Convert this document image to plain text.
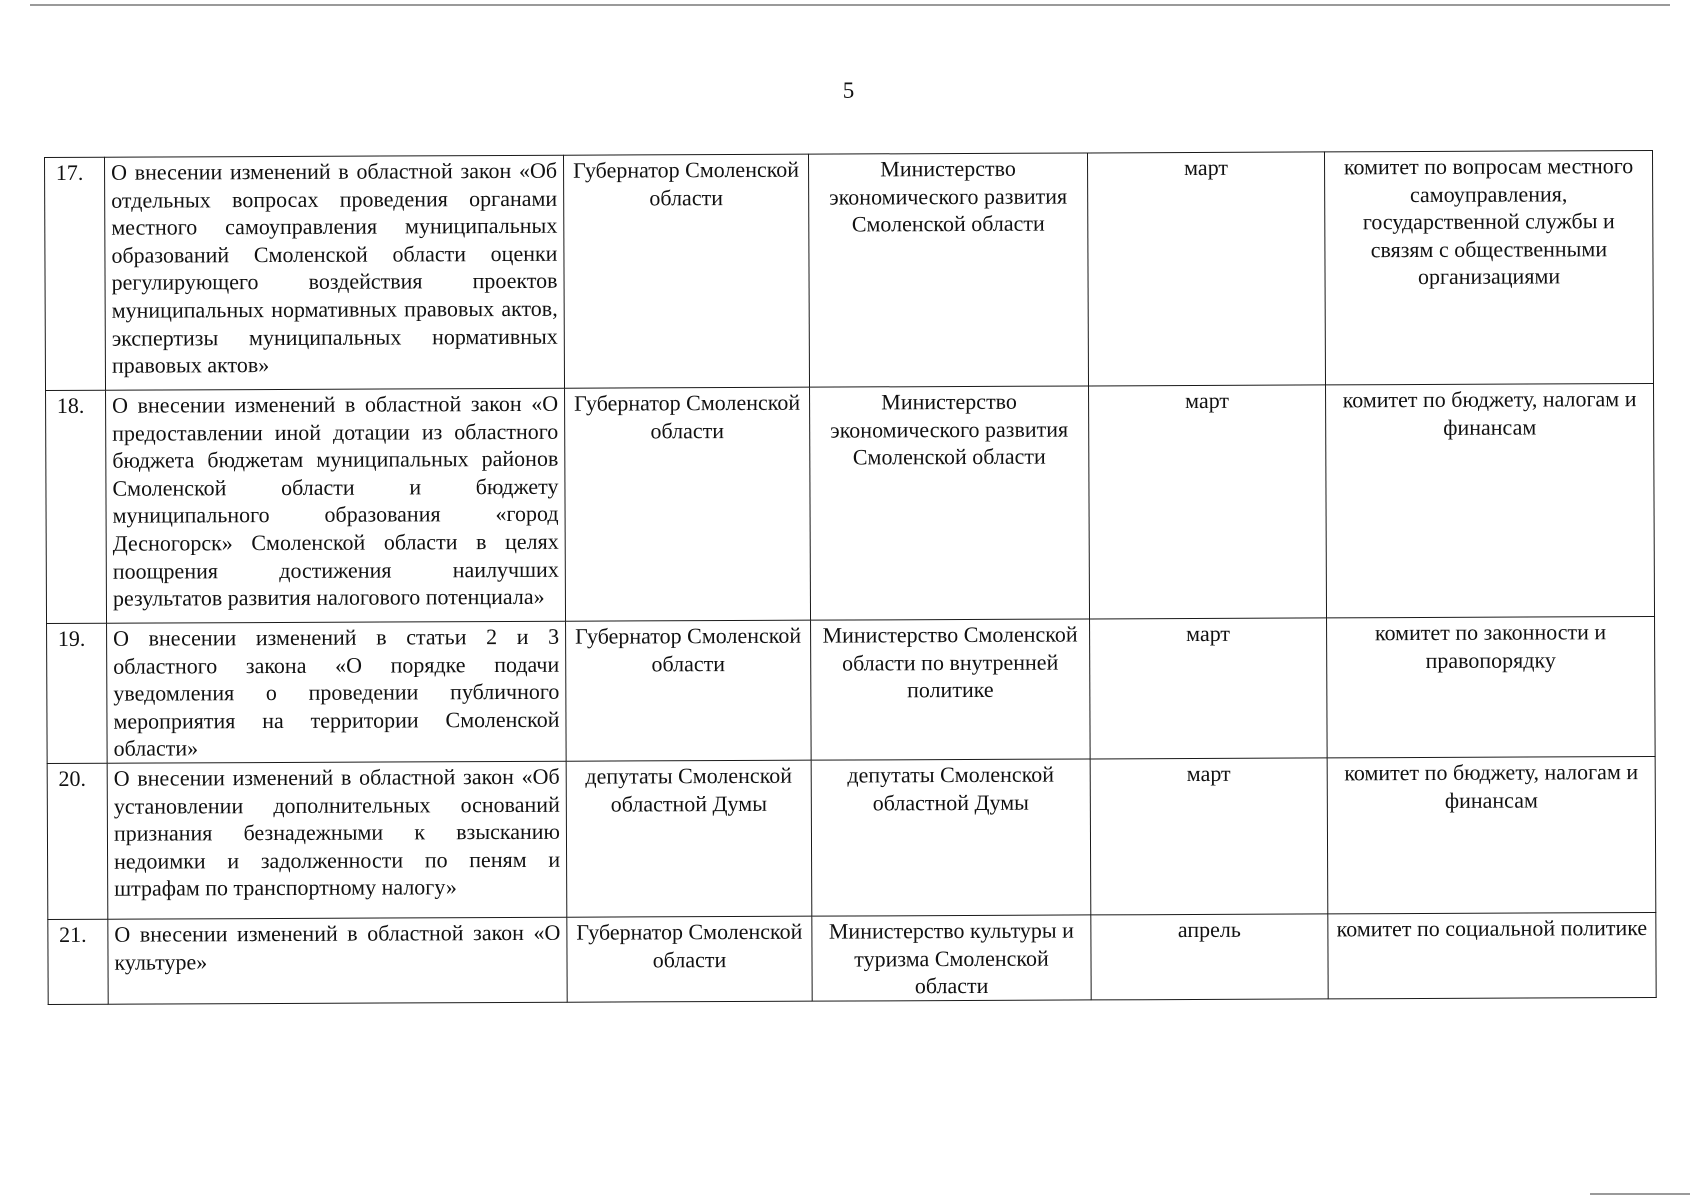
5
17.	О внесении изменений в областной закон «Об отдельных вопросах проведения органами местного самоуправления муниципальных образований Смоленской области оценки регулирующего воздействия проектов муниципальных нормативных правовых актов, экспертизы муниципальных нормативных правовых актов»	Губернатор Смоленской области	Министерство экономического развития Смоленской области	март	комитет по вопросам местного самоуправления, государственной службы и связям с общественными организациями
18.	О внесении изменений в областной закон «О предоставлении иной дотации из областного бюджета бюджетам муниципальных районов Смоленской области и бюджету муниципального образования «город Десногорск» Смоленской области в целях поощрения достижения наилучших результатов развития налогового потенциала»	Губернатор Смоленской области	Министерство экономического развития Смоленской области	март	комитет по бюджету, налогам и финансам
19.	О внесении изменений в статьи 2 и 3 областного закона «О порядке подачи уведомления о проведении публичного мероприятия на территории Смоленской области»	Губернатор Смоленской области	Министерство Смоленской области по внутренней политике	март	комитет по законности и правопорядку
20.	О внесении изменений в областной закон «Об установлении дополнительных оснований признания безнадежными к взысканию недоимки и задолженности по пеням и штрафам по транспортному налогу»	депутаты Смоленской областной Думы	депутаты Смоленской областной Думы	март	комитет по бюджету, налогам и финансам
21.	О внесении изменений в областной закон «О культуре»	Губернатор Смоленской области	Министерство культуры и туризма Смоленской области	апрель	комитет по социальной политике
